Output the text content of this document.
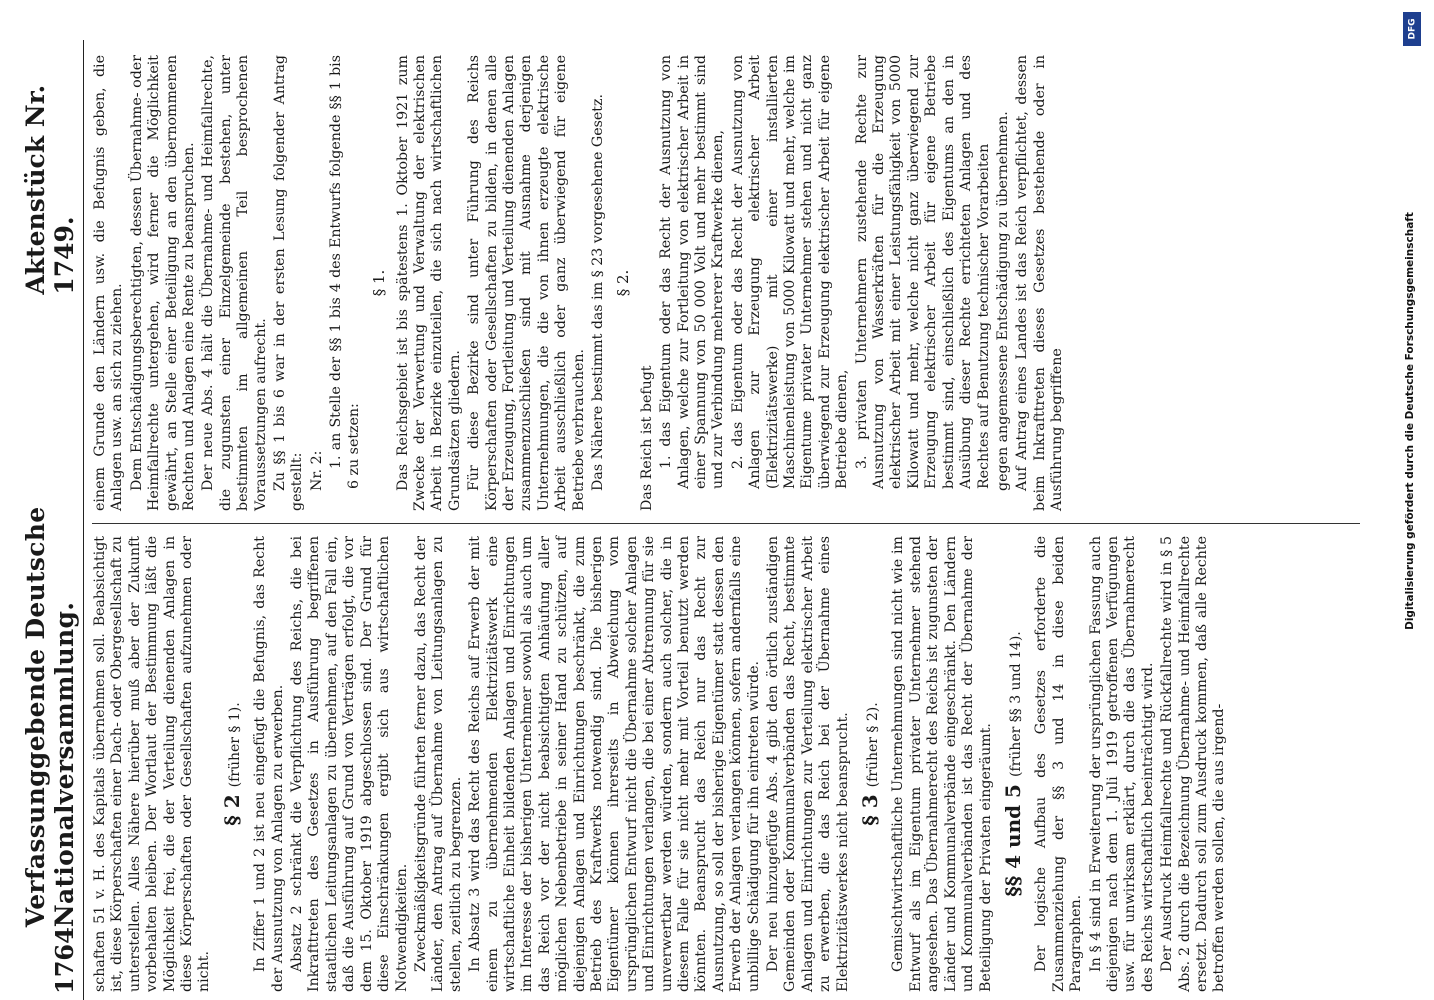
1764
Verfassunggebende Deutsche Nationalversammlung.
Aktenstück Nr. 1749.

schaften 51 v. H. des Kapitals übernehmen soll. Beabsichtigt ist, diese Körperschaften einer Dach- oder Obergesellschaft zu unterstellen. Alles Nähere hierüber muß aber der Zukunft vorbehalten bleiben. Der Wortlaut der Bestimmung läßt die Möglichkeit frei, die der Verteilung dienenden Anlagen in diese Körperschaften oder Gesellschaften aufzunehmen oder nicht.

§ 2 (früher § 1). In Ziffer 1 und 2 ist neu eingefügt die Befugnis, das Recht der Ausnutzung von Anlagen zu erwerben. Absatz 2 schränkt die Verpflichtung des Reichs, die bei Inkrafttreten des Gesetzes in Ausführung begriffenen staatlichen Leitungsanlagen zu übernehmen, auf den Fall ein, daß die Ausführung auf Grund von Verträgen erfolgt, die vor dem 15. Oktober 1919 abgeschlossen sind. Der Grund für diese Einschränkungen ergibt sich aus wirtschaftlichen Notwendigkeiten. Zweckmäßigkeitsgründe führten ferner dazu, das Recht der Länder, den Antrag auf Übernahme von Leitungsanlagen zu stellen, zeitlich zu begrenzen. In Absatz 3 wird das Recht des Reichs auf Erwerb der mit einem zu übernehmenden Elektrizitätswerk eine wirtschaftliche Einheit bildenden Anlagen und Einrichtungen im Interesse der bisherigen Unternehmer sowohl als auch um das Reich vor der nicht beabsichtigten Anhäufung aller möglichen Nebenbetriebe in seiner Hand zu schützen, auf diejenigen Anlagen und Einrichtungen beschränkt, die zum Betrieb des Kraftwerks notwendig sind. Die bisherigen Eigentümer können ihrerseits in Abweichung vom ursprünglichen Entwurf nicht die Übernahme solcher Anlagen und Einrichtungen verlangen, die bei einer Abtrennung für sie unverwertbar werden würden, sondern auch solcher, die in diesem Falle für sie nicht mehr mit Vorteil benutzt werden könnten. Beansprucht das Reich nur das Recht zur Ausnutzung, so soll der bisherige Eigentümer statt dessen den Erwerb der Anlagen verlangen können, sofern andernfalls eine unbillige Schädigung für ihn eintreten würde. Der neu hinzugefügte Abs. 4 gibt den örtlich zuständigen Gemeinden oder Kommunalverbänden das Recht, bestimmte Anlagen und Einrichtungen zur Verteilung elektrischer Arbeit zu erwerben, die das Reich bei der Übernahme eines Elektrizitätswerkes nicht beansprucht. § 3 (früher § 2). Gemischtwirtschaftliche Unternehmungen sind nicht wie im Entwurf als im Eigentum privater Unternehmer stehend angesehen. Das Übernahmerecht des Reichs ist zugunsten der Länder und Kommunalverbände eingeschränkt. Den Ländern und Kommunalverbänden ist das Recht der Übernahme der Beteiligung der Privaten eingeräumt. §§ 4 und 5 (früher §§ 3 und 14). Der logische Aufbau des Gesetzes erforderte die Zusammenziehung der §§ 3 und 14 in diese beiden Paragraphen. In § 4 sind in Erweiterung der ursprünglichen Fassung auch diejenigen nach dem 1. Juli 1919 getroffenen Verfügungen usw. für unwirksam erklärt, durch die das Übernahmerecht des Reichs wirtschaftlich beeinträchtigt wird. Der Ausdruck Heimfallrechte und Rückfallrechte wird in § 5 Abs. 2 durch die Bezeichnung Übernahme- und Heimfallrechte ersetzt. Dadurch soll zum Ausdruck kommen, daß alle Rechte betroffen werden sollen, die aus irgend-

einem Grunde den Ländern usw. die Befugnis geben, die Anlagen usw. an sich zu ziehen. Dem Entschädigungsberechtigten, dessen Übernahme- oder Heimfallrechte untergehen, wird ferner die Möglichkeit gewährt, an Stelle einer Beteiligung an den übernommenen Rechten und Anlagen eine Rente zu beanspruchen. Der neue Abs. 4 hält die Übernahme- und Heimfallrechte, die zugunsten einer Einzelgemeinde bestehen, unter bestimmten im allgemeinen Teil besprochenen Voraussetzungen aufrecht. Zu §§ 1 bis 6 war in der ersten Lesung folgender Antrag gestellt: Nr. 2:

1. an Stelle der §§ 1 bis 4 des Entwurfs folgende §§ 1 bis 6 zu setzen:

§ 1. Das Reichsgebiet ist bis spätestens 1. Oktober 1921 zum Zwecke der Verwertung und Verwaltung der elektrischen Arbeit in Bezirke einzuteilen, die sich nach wirtschaftlichen Grundsätzen gliedern. Für diese Bezirke sind unter Führung des Reichs Körperschaften oder Gesellschaften zu bilden, in denen alle der Erzeugung, Fortleitung und Verteilung dienenden Anlagen zusammenzuschließen sind mit Ausnahme derjenigen Unternehmungen, die die von ihnen erzeugte elektrische Arbeit ausschließlich oder ganz überwiegend für eigene Betriebe verbrauchen. Das Nähere bestimmt das im § 23 vorgesehene Gesetz. § 2.

Das Reich ist befugt 1. das Eigentum oder das Recht der Ausnutzung von Anlagen, welche zur Fortleitung von elektrischer Arbeit in einer Spannung von 50 000 Volt und mehr bestimmt sind und zur Verbindung mehrerer Kraftwerke dienen, 2. das Eigentum oder das Recht der Ausnutzung von Anlagen zur Erzeugung elektrischer Arbeit (Elektrizitätswerke) mit einer installierten Maschinenleistung von 5000 Kilowatt und mehr, welche im Eigentume privater Unternehmer stehen und nicht ganz überwiegend zur Erzeugung elektrischer Arbeit für eigene Betriebe dienen, 3. privaten Unternehmern zustehende Rechte zur Ausnutzung von Wasserkräften für die Erzeugung elektrischer Arbeit mit einer Leistungsfähigkeit von 5000 Kilowatt und mehr, welche nicht ganz überwiegend zur Erzeugung elektrischer Arbeit für eigene Betriebe bestimmt sind, einschließlich des Eigentums an den in Ausübung dieser Rechte errichteten Anlagen und des Rechtes auf Benutzung technischer Vorarbeiten gegen angemessene Entschädigung zu übernehmen. Auf Antrag eines Landes ist das Reich verpflichtet, dessen beim Inkrafttreten dieses Gesetzes bestehende oder in Ausführung begriffene

DFG
Digitalisierung gefördert durch die Deutsche Forschungsgemeinschaft
